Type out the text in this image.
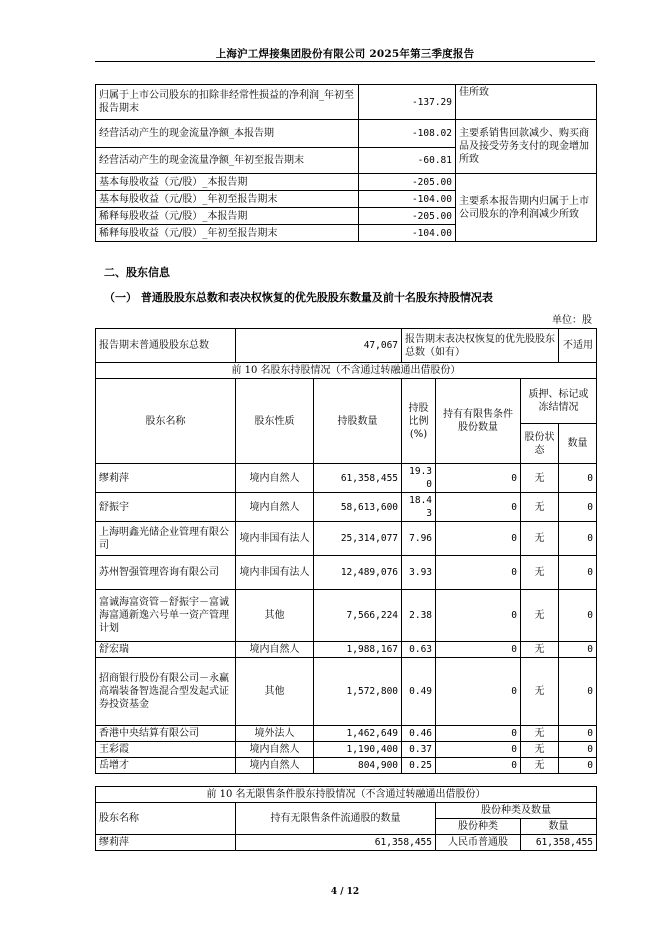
上海沪工焊接集团股份有限公司 2025年第三季度报告
归属于上市公司股东的扣除非经常性损益的净利润_年初至报告期末	-137.29	佳所致
经营活动产生的现金流量净额_本报告期	-108.02	主要系销售回款减少、购买商品及接受劳务支付的现金增加所致
经营活动产生的现金流量净额_年初至报告期末	-60.81	
基本每股收益（元/股）_本报告期	-205.00	主要系本报告期内归属于上市公司股东的净利润减少所致
基本每股收益（元/股）_年初至报告期末	-104.00	
稀释每股收益（元/股）_本报告期	-205.00	
稀释每股收益（元/股）_年初至报告期末	-104.00	
二、股东信息
（一） 普通股股东总数和表决权恢复的优先股股东数量及前十名股东持股情况表
单位：股
报告期末普通股股东总数	47,067		报告期末表决权恢复的优先股股东总数（如有）			不适用
前 10 名股东持股情况（不含通过转融通出借股份）						
股东名称	股东性质	持股数量	持股比例(%)	持有有限售条件股份数量	质押、标记或冻结情况	
					股份状态	数量
缪莉萍	境内自然人	61,358,455	19.30	0	无	0
舒振宇	境内自然人	58,613,600	18.43	0	无	0
上海明鑫光储企业管理有限公司	境内非国有法人	25,314,077	7.96	0	无	0
苏州智强管理咨询有限公司	境内非国有法人	12,489,076	3.93	0	无	0
富诚海富资管－舒振宇－富诚海富通新逸六号单一资产管理计划	其他	7,566,224	2.38	0	无	0
舒宏瑞	境内自然人	1,988,167	0.63	0	无	0
招商银行股份有限公司－永赢高端装备智选混合型发起式证券投资基金	其他	1,572,800	0.49	0	无	0
香港中央结算有限公司	境外法人	1,462,649	0.46	0	无	0
王彩霞	境内自然人	1,190,400	0.37	0	无	0
岳增才	境内自然人	804,900	0.25	0	无	0
前 10 名无限售条件股东持股情况（不含通过转融通出借股份）			
股东名称	持有无限售条件流通股的数量	股份种类及数量	
		股份种类	数量
缪莉萍	61,358,455	人民币普通股	61,358,455
4 / 12
